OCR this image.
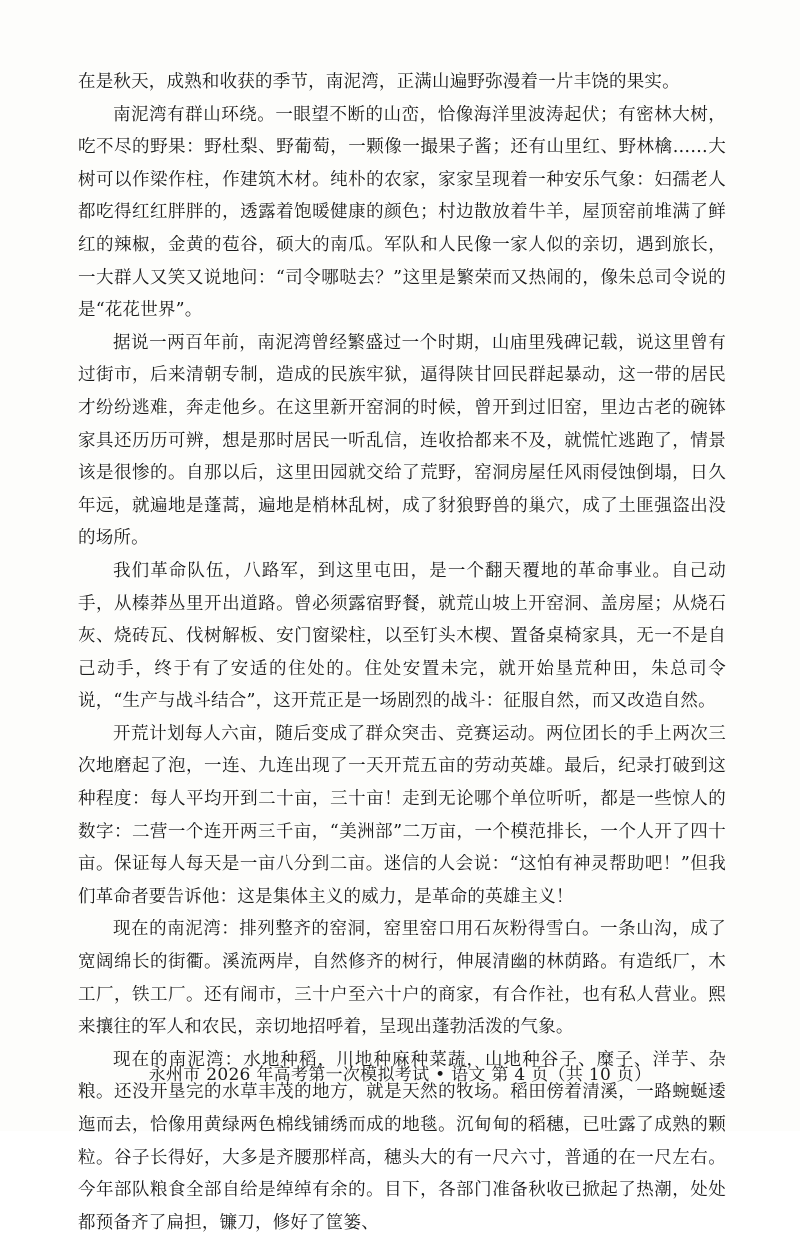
在是秋天，成熟和收获的季节，南泥湾，正满山遍野弥漫着一片丰饶的果实。

南泥湾有群山环绕。一眼望不断的山峦，恰像海洋里波涛起伏；有密林大树，吃不尽的野果：野杜梨、野葡萄，一颗像一撮果子酱；还有山里红、野林檎……大树可以作梁作柱，作建筑木材。纯朴的农家，家家呈现着一种安乐气象：妇孺老人都吃得红红胖胖的，透露着饱暖健康的颜色；村边散放着牛羊，屋顶窑前堆满了鲜红的辣椒，金黄的苞谷，硕大的南瓜。军队和人民像一家人似的亲切，遇到旅长，一大群人又笑又说地问：“司令哪哒去？”这里是繁荣而又热闹的，像朱总司令说的是“花花世界”。

据说一两百年前，南泥湾曾经繁盛过一个时期，山庙里残碑记载，说这里曾有过街市，后来清朝专制，造成的民族牢狱，逼得陕甘回民群起暴动，这一带的居民才纷纷逃难，奔走他乡。在这里新开窑洞的时候，曾开到过旧窑，里边古老的碗钵家具还历历可辨，想是那时居民一听乱信，连收拾都来不及，就慌忙逃跑了，情景该是很惨的。自那以后，这里田园就交给了荒野，窑洞房屋任风雨侵蚀倒塌，日久年远，就遍地是蓬蒿，遍地是梢林乱树，成了豺狼野兽的巢穴，成了土匪强盗出没的场所。

我们革命队伍，八路军，到这里屯田，是一个翻天覆地的革命事业。自己动手，从榛莽丛里开出道路。曾必须露宿野餐，就荒山坡上开窑洞、盖房屋；从烧石灰、烧砖瓦、伐树解板、安门窗梁柱，以至钉头木楔、置备桌椅家具，无一不是自己动手，终于有了安适的住处的。住处安置未完，就开始垦荒种田，朱总司令说，“生产与战斗结合”，这开荒正是一场剧烈的战斗：征服自然，而又改造自然。

开荒计划每人六亩，随后变成了群众突击、竞赛运动。两位团长的手上两次三次地磨起了泡，一连、九连出现了一天开荒五亩的劳动英雄。最后，纪录打破到这种程度：每人平均开到二十亩，三十亩！走到无论哪个单位听听，都是一些惊人的数字：二营一个连开两三千亩，“美洲部”二万亩，一个模范排长，一个人开了四十亩。保证每人每天是一亩八分到二亩。迷信的人会说：“这怕有神灵帮助吧！”但我们革命者要告诉他：这是集体主义的威力，是革命的英雄主义！

现在的南泥湾：排列整齐的窑洞，窑里窑口用石灰粉得雪白。一条山沟，成了宽阔绵长的街衢。溪流两岸，自然修齐的树行，伸展清幽的林荫路。有造纸厂，木工厂，铁工厂。还有闹市，三十户至六十户的商家，有合作社，也有私人营业。熙来攘往的军人和农民，亲切地招呼着，呈现出蓬勃活泼的气象。

现在的南泥湾：水地种稻，川地种麻种菜蔬，山地种谷子、糜子、洋芋、杂粮。还没开垦完的水草丰茂的地方，就是天然的牧场。稻田傍着清溪，一路蜿蜒逶迤而去，恰像用黄绿两色棉线铺绣而成的地毯。沉甸甸的稻穗，已吐露了成熟的颗粒。谷子长得好，大多是齐腰那样高，穗头大的有一尺六寸，普通的在一尺左右。今年部队粮食全部自给是绰绰有余的。目下，各部门准备秋收已掀起了热潮，处处都预备齐了扁担，镰刀，修好了筐篓、

永州市 2026 年高考第一次模拟考试 • 语文 第 4 页（共 10 页）
